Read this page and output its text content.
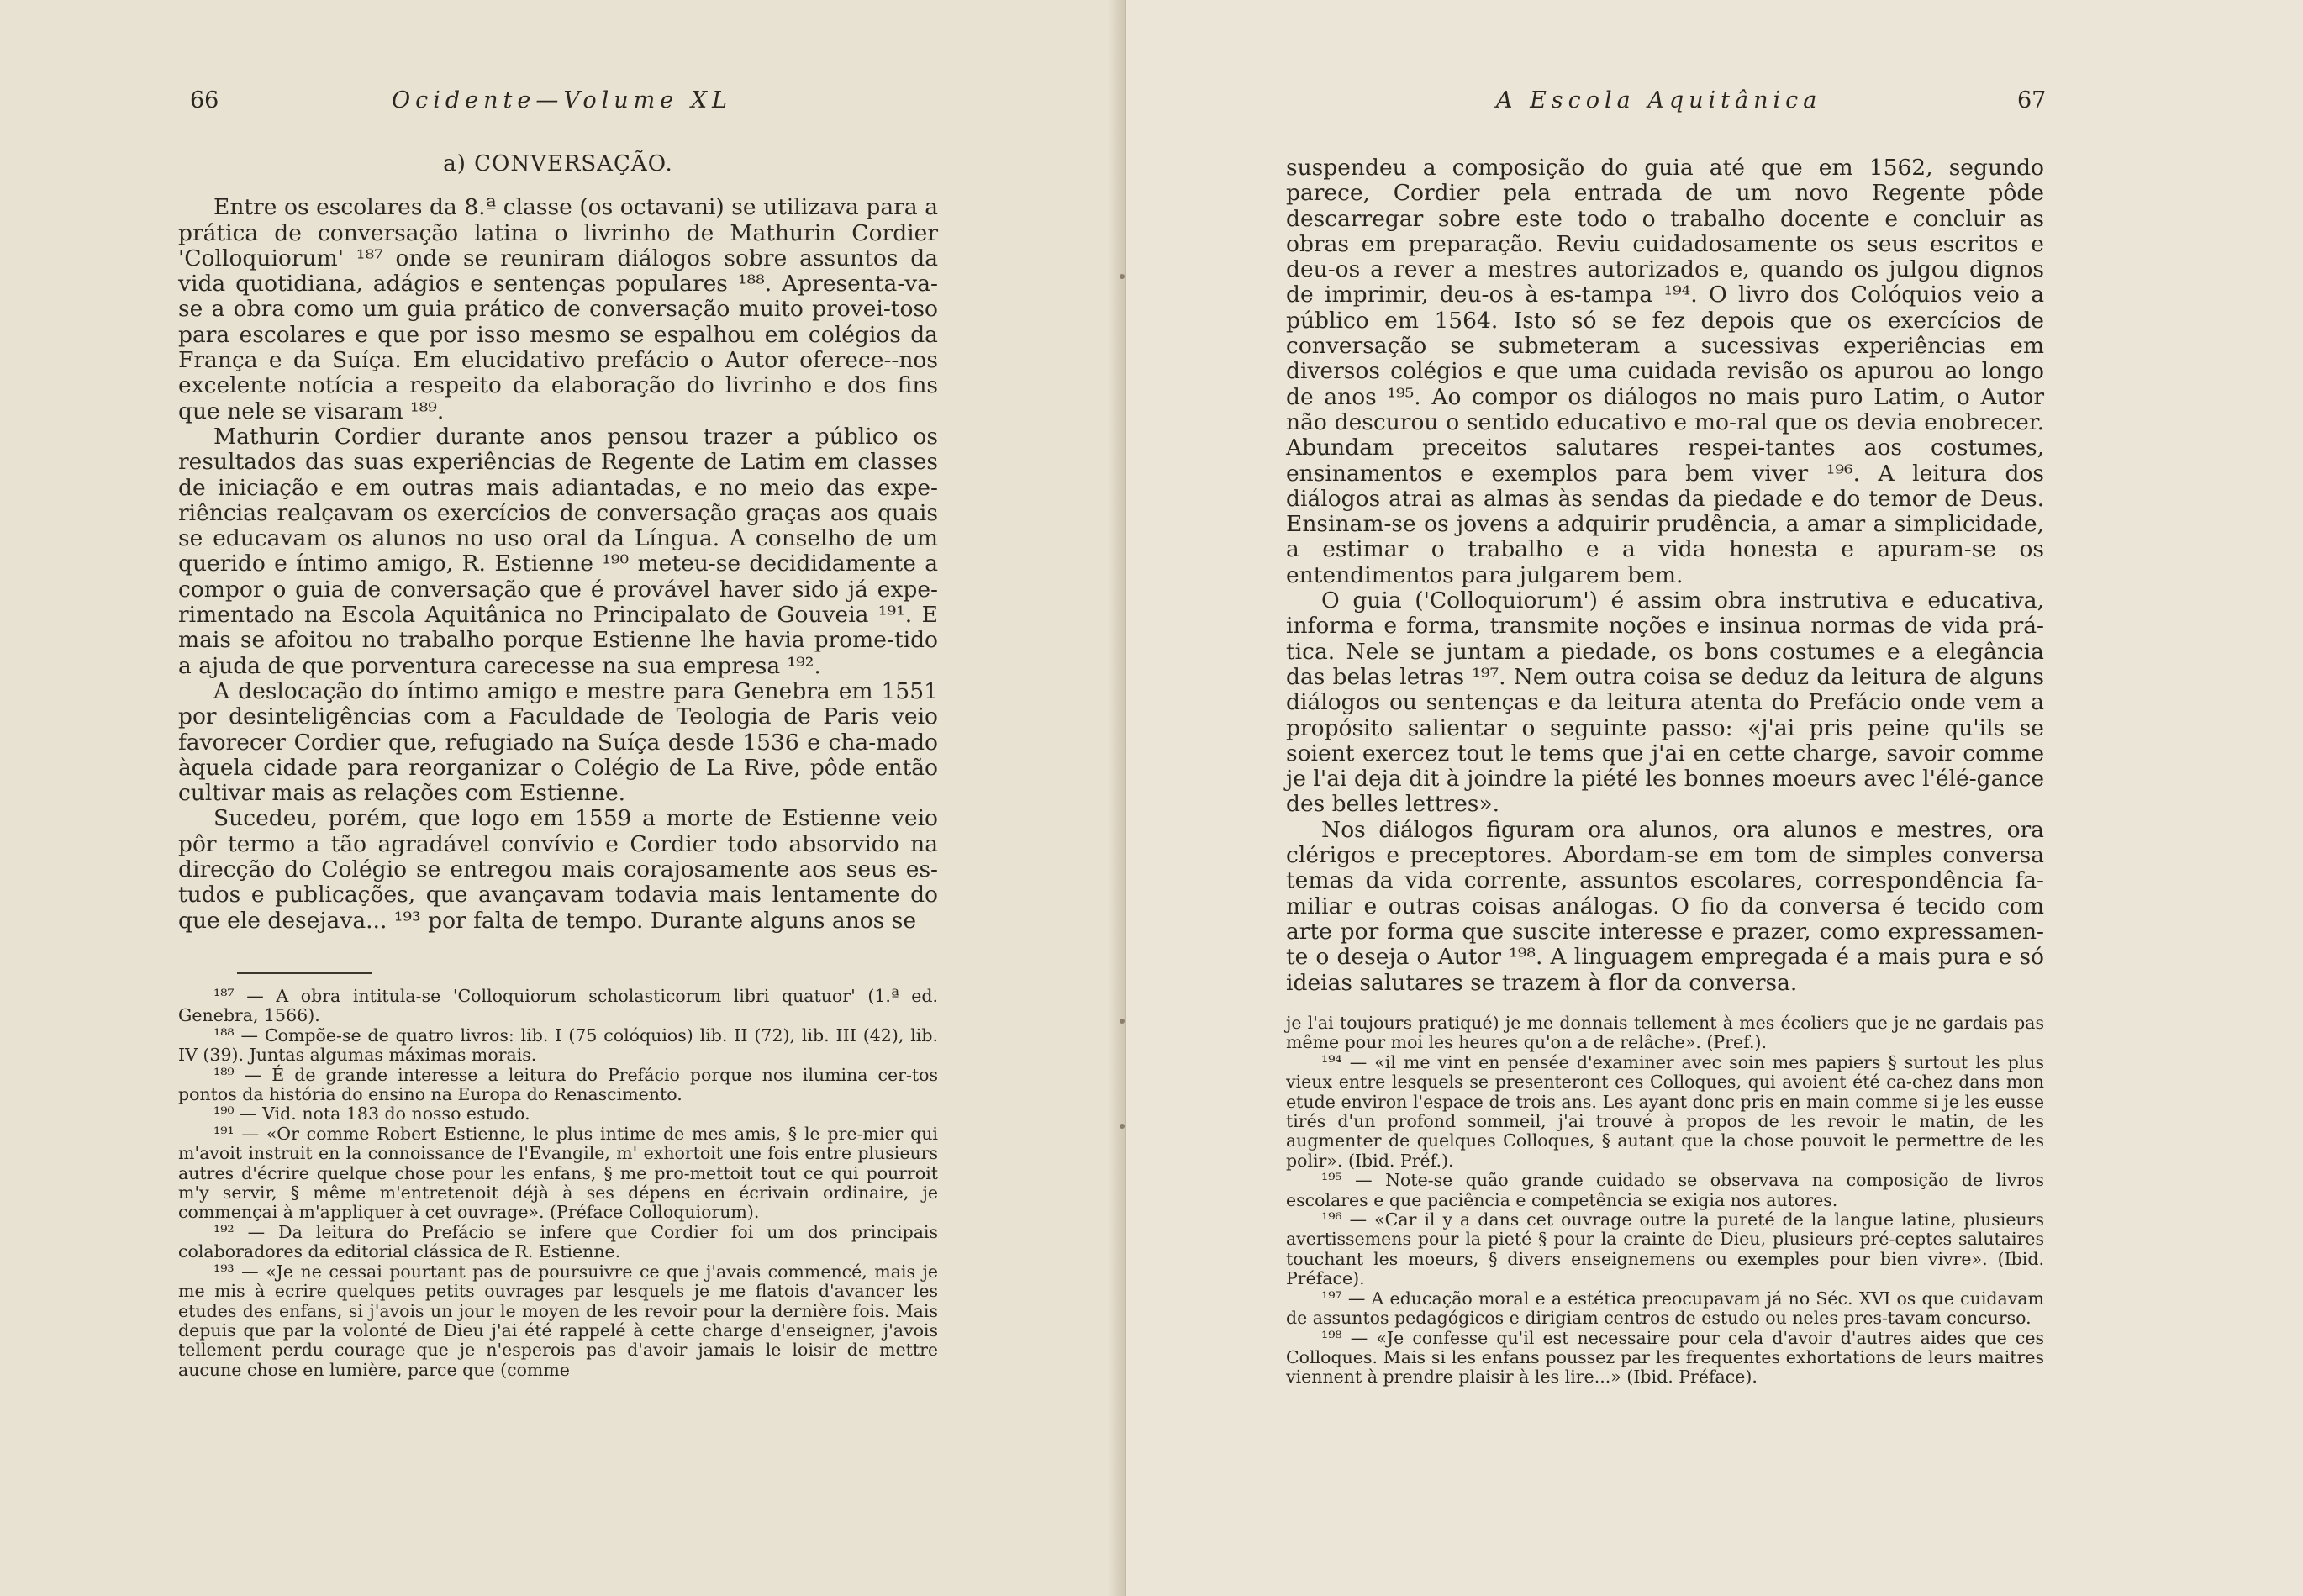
66	Ocidente—Volume XL
a) CONVERSAÇÃO.

Entre os escolares da 8.ª classe (os octavani) se utilizava para a prática de conversação latina o livrinho de Mathurin Cordier 'Colloquiorum' ¹⁸⁷ onde se reuniram diálogos sobre assuntos da vida quotidiana, adágios e sentenças populares ¹⁸⁸. Apresenta-va-se a obra como um guia prático de conversação muito provei-toso para escolares e que por isso mesmo se espalhou em colégios da França e da Suíça. Em elucidativo prefácio o Autor oferece--nos excelente notícia a respeito da elaboração do livrinho e dos fins que nele se visaram ¹⁸⁹.

Mathurin Cordier durante anos pensou trazer a público os resultados das suas experiências de Regente de Latim em classes de iniciação e em outras mais adiantadas, e no meio das expe-riências realçavam os exercícios de conversação graças aos quais se educavam os alunos no uso oral da Língua. A conselho de um querido e íntimo amigo, R. Estienne ¹⁹⁰ meteu-se decididamente a compor o guia de conversação que é provável haver sido já expe-rimentado na Escola Aquitânica no Principalato de Gouveia ¹⁹¹. E mais se afoitou no trabalho porque Estienne lhe havia prome-tido a ajuda de que porventura carecesse na sua empresa ¹⁹².

A deslocação do íntimo amigo e mestre para Genebra em 1551 por desinteligências com a Faculdade de Teologia de Paris veio favorecer Cordier que, refugiado na Suíça desde 1536 e cha-mado àquela cidade para reorganizar o Colégio de La Rive, pôde então cultivar mais as relações com Estienne.

Sucedeu, porém, que logo em 1559 a morte de Estienne veio pôr termo a tão agradável convívio e Cordier todo absorvido na direcção do Colégio se entregou mais corajosamente aos seus es-tudos e publicações, que avançavam todavia mais lentamente do que ele desejava... ¹⁹³ por falta de tempo. Durante alguns anos se

¹⁸⁷ — A obra intitula-se 'Colloquiorum scholasticorum libri quatuor' (1.ª ed. Genebra, 1566).

¹⁸⁸ — Compõe-se de quatro livros: lib. I (75 colóquios) lib. II (72), lib. III (42), lib. IV (39). Juntas algumas máximas morais.

¹⁸⁹ — É de grande interesse a leitura do Prefácio porque nos ilumina cer-tos pontos da história do ensino na Europa do Renascimento.

¹⁹⁰ — Vid. nota 183 do nosso estudo.

¹⁹¹ — «Or comme Robert Estienne, le plus intime de mes amis, § le pre-mier qui m'avoit instruit en la connoissance de l'Evangile, m' exhortoit une fois entre plusieurs autres d'écrire quelque chose pour les enfans, § me pro-mettoit tout ce qui pourroit m'y servir, § même m'entretenoit déjà à ses dépens en écrivain ordinaire, je commençai à m'appliquer à cet ouvrage». (Préface Colloquiorum).

¹⁹² — Da leitura do Prefácio se infere que Cordier foi um dos principais colaboradores da editorial clássica de R. Estienne.

¹⁹³ — «Je ne cessai pourtant pas de poursuivre ce que j'avais commencé, mais je me mis à ecrire quelques petits ouvrages par lesquels je me flatois d'avancer les etudes des enfans, si j'avois un jour le moyen de les revoir pour la dernière fois. Mais depuis que par la volonté de Dieu j'ai été rappelé à cette charge d'enseigner, j'avois tellement perdu courage que je n'esperois pas d'avoir jamais le loisir de mettre aucune chose en lumière, parce que (comme

A Escola Aquitânica	67

suspendeu a composição do guia até que em 1562, segundo parece, Cordier pela entrada de um novo Regente pôde descarregar sobre este todo o trabalho docente e concluir as obras em preparação. Reviu cuidadosamente os seus escritos e deu-os a rever a mestres autorizados e, quando os julgou dignos de imprimir, deu-os à es-tampa ¹⁹⁴. O livro dos Colóquios veio a público em 1564. Isto só se fez depois que os exercícios de conversação se submeteram a sucessivas experiências em diversos colégios e que uma cuidada revisão os apurou ao longo de anos ¹⁹⁵. Ao compor os diálogos no mais puro Latim, o Autor não descurou o sentido educativo e mo-ral que os devia enobrecer. Abundam preceitos salutares respei-tantes aos costumes, ensinamentos e exemplos para bem viver ¹⁹⁶. A leitura dos diálogos atrai as almas às sendas da piedade e do temor de Deus. Ensinam-se os jovens a adquirir prudência, a amar a simplicidade, a estimar o trabalho e a vida honesta e apuram-se os entendimentos para julgarem bem.

O guia ('Colloquiorum') é assim obra instrutiva e educativa, informa e forma, transmite noções e insinua normas de vida prá-tica. Nele se juntam a piedade, os bons costumes e a elegância das belas letras ¹⁹⁷. Nem outra coisa se deduz da leitura de alguns diálogos ou sentenças e da leitura atenta do Prefácio onde vem a propósito salientar o seguinte passo: «j'ai pris peine qu'ils se soient exercez tout le tems que j'ai en cette charge, savoir comme je l'ai deja dit à joindre la piété les bonnes moeurs avec l'élé-gance des belles lettres».

Nos diálogos figuram ora alunos, ora alunos e mestres, ora clérigos e preceptores. Abordam-se em tom de simples conversa temas da vida corrente, assuntos escolares, correspondência fa-miliar e outras coisas análogas. O fio da conversa é tecido com arte por forma que suscite interesse e prazer, como expressamen-te o deseja o Autor ¹⁹⁸. A linguagem empregada é a mais pura e só ideias salutares se trazem à flor da conversa.

je l'ai toujours pratiqué) je me donnais tellement à mes écoliers que je ne gardais pas même pour moi les heures qu'on a de relâche». (Pref.).

¹⁹⁴ — «il me vint en pensée d'examiner avec soin mes papiers § surtout les plus vieux entre lesquels se presenteront ces Colloques, qui avoient été ca-chez dans mon etude environ l'espace de trois ans. Les ayant donc pris en main comme si je les eusse tirés d'un profond sommeil, j'ai trouvé à propos de les revoir le matin, de les augmenter de quelques Colloques, § autant que la chose pouvoit le permettre de les polir». (Ibid. Préf.).

¹⁹⁵ — Note-se quão grande cuidado se observava na composição de livros escolares e que paciência e competência se exigia nos autores.

¹⁹⁶ — «Car il y a dans cet ouvrage outre la pureté de la langue latine, plusieurs avertissemens pour la pieté § pour la crainte de Dieu, plusieurs pré-ceptes salutaires touchant les moeurs, § divers enseignemens ou exemples pour bien vivre». (Ibid. Préface).

¹⁹⁷ — A educação moral e a estética preocupavam já no Séc. XVI os que cuidavam de assuntos pedagógicos e dirigiam centros de estudo ou neles pres-tavam concurso.

¹⁹⁸ — «Je confesse qu'il est necessaire pour cela d'avoir d'autres aides que ces Colloques. Mais si les enfans poussez par les frequentes exhortations de leurs maitres viennent à prendre plaisir à les lire...» (Ibid. Préface).
